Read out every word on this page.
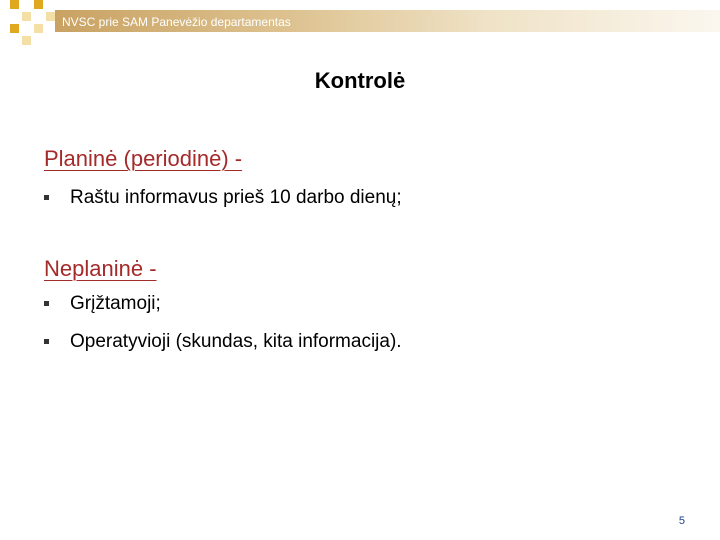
NVSC prie SAM Panevėžio departamentas
Kontrolė
Planinė (periodinė) -
Raštu informavus prieš 10 darbo dienų;
Neplaninė -
Grįžtamoji;
Operatyvioji (skundas, kita informacija).
5
